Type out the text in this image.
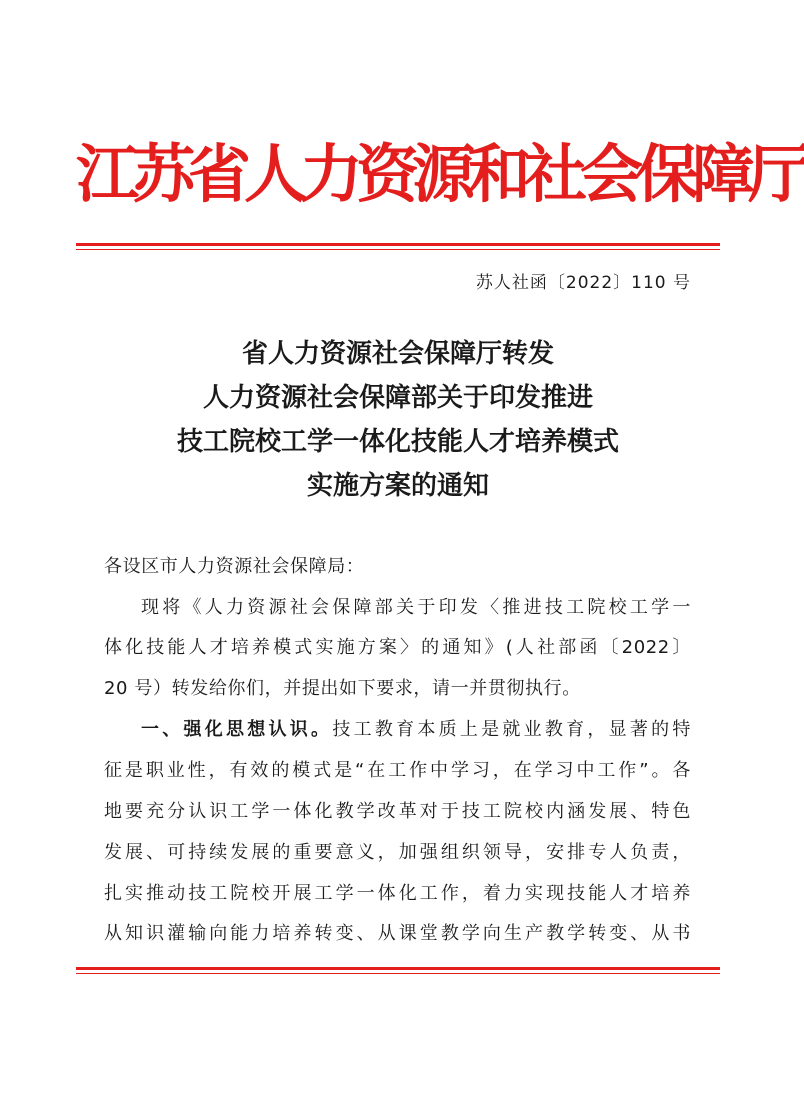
江苏省人力资源和社会保障厅
苏人社函〔2022〕110 号
省人力资源社会保障厅转发
人力资源社会保障部关于印发推进
技工院校工学一体化技能人才培养模式
实施方案的通知
各设区市人力资源社会保障局：
现将《人力资源社会保障部关于印发〈推进技工院校工学一
体化技能人才培养模式实施方案〉的通知》(人社部函〔2022〕
20 号）转发给你们，并提出如下要求，请一并贯彻执行。
一、强化思想认识。技工教育本质上是就业教育，显著的特
征是职业性，有效的模式是“在工作中学习，在学习中工作”。各
地要充分认识工学一体化教学改革对于技工院校内涵发展、特色
发展、可持续发展的重要意义，加强组织领导，安排专人负责，
扎实推动技工院校开展工学一体化工作，着力实现技能人才培养
从知识灌输向能力培养转变、从课堂教学向生产教学转变、从书
